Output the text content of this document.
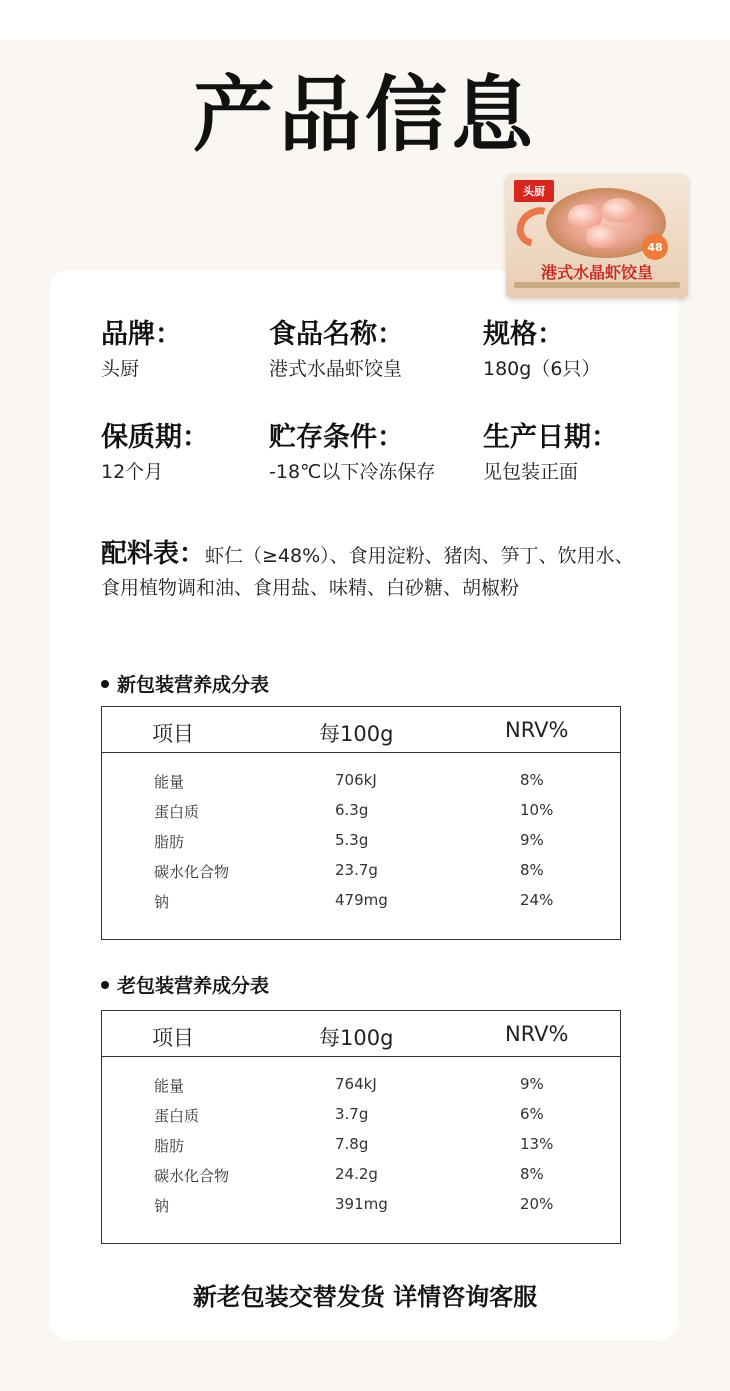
产品信息
头厨
48
港式水晶虾饺皇
品牌：
头厨
食品名称：
港式水晶虾饺皇
规格：
180g（6只）
保质期：
12个月
贮存条件：
-18℃以下冷冻保存
生产日期：
见包装正面
配料表：虾仁（≥48%）、食用淀粉、猪肉、笋丁、饮用水、食用植物调和油、食用盐、味精、白砂糖、胡椒粉
新包装营养成分表
项目	每100g	NRV%
能量	706kJ	8%
蛋白质	6.3g	10%
脂肪	5.3g	9%
碳水化合物	23.7g	8%
钠	479mg	24%
老包装营养成分表
项目	每100g	NRV%
能量	764kJ	9%
蛋白质	3.7g	6%
脂肪	7.8g	13%
碳水化合物	24.2g	8%
钠	391mg	20%
新老包装交替发货 详情咨询客服
